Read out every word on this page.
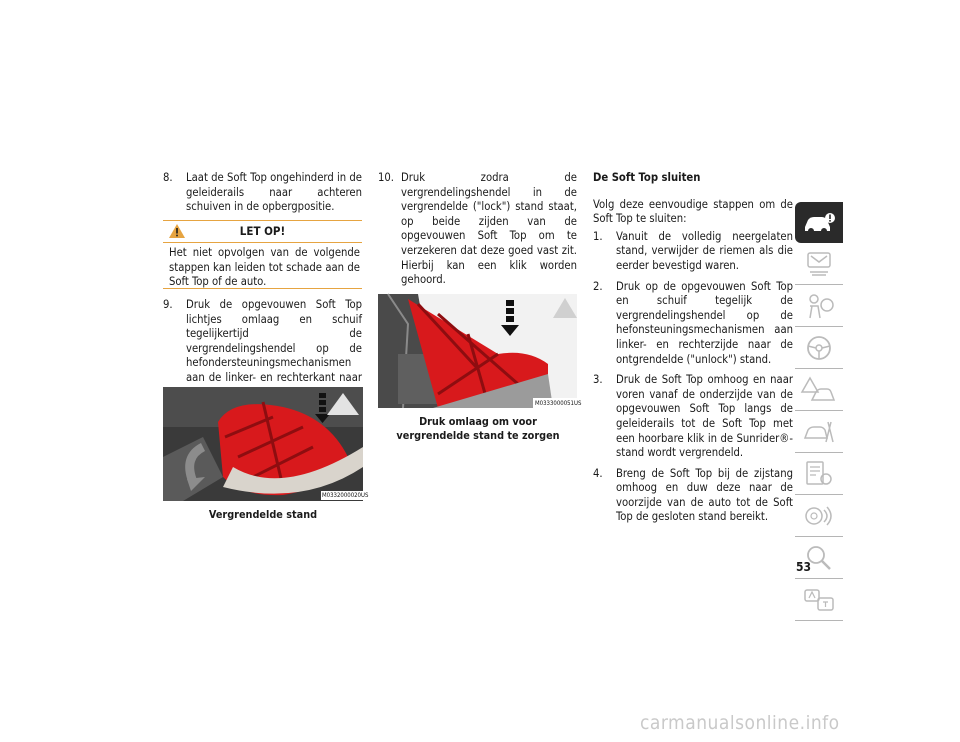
8. Laat de Soft Top ongehinderd in de geleiderails naar achteren schuiven in de opbergpositie.

LET OP!
Het niet opvolgen van de volgende stappen kan leiden tot schade aan de Soft Top of de auto.

9. Druk de opgevouwen Soft Top lichtjes omlaag en schuif tegelijkertijd de vergrendelingshendel op de hefondersteuningsmechanismen aan de linker- en rechterkant naar

M0332000020US
Vergrendelde stand

10. Druk zodra de vergrendelingshendel in de vergrendelde ("lock") stand staat, op beide zijden van de opgevouwen Soft Top om te verzekeren dat deze goed vast zit. Hierbij kan een klik worden gehoord.

M0333000051US
Druk omlaag om voor vergrendelde stand te zorgen

De Soft Top sluiten

Volg deze eenvoudige stappen om de Soft Top te sluiten:

1. Vanuit de volledig neergelaten stand, verwijder de riemen als die eerder bevestigd waren.

2. Druk op de opgevouwen Soft Top en schuif tegelijk de vergrendelingshendel op de hefonsteuningsmechanismen aan linker- en rechterzijde naar de ontgrendelde ("unlock") stand.

3. Druk de Soft Top omhoog en naar voren vanaf de onderzijde van de opgevouwen Soft Top langs de geleiderails tot de Soft Top met een hoorbare klik in de Sunrider®-stand wordt vergrendeld.

4. Breng de Soft Top bij de zijstang omhoog en duw deze naar de voorzijde van de auto tot de Soft Top de gesloten stand bereikt.

53
carmanualsonline.info
